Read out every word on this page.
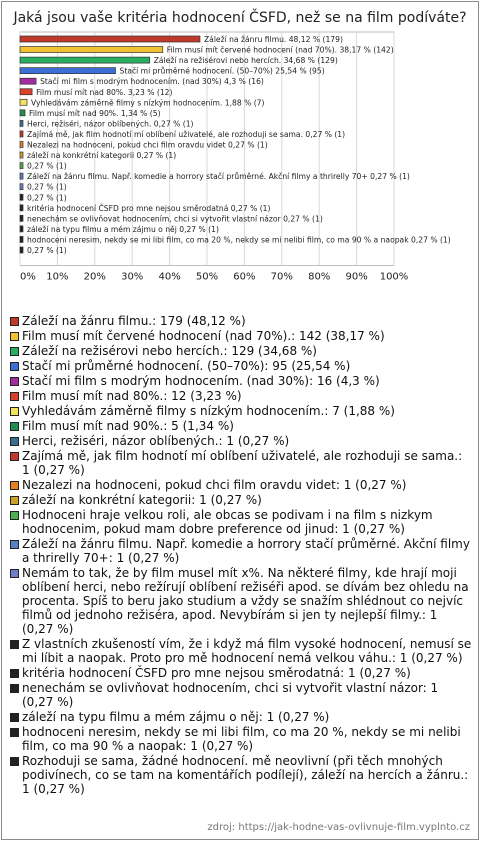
Jaká jsou vaše kritéria hodnocení ČSFD, než se na film podíváte?
0% 10% 20% 30% 40% 50% 60% 70% 80% 90% 100%
Záleží na žánru filmu. 48,12 % (179)
Film musí mít červené hodnocení (nad 70%). 38,17 % (142)
Záleží na režisérovi nebo hercích. 34,68 % (129)
Stačí mi průměrné hodnocení. (50–70%) 25,54 % (95)
Stačí mi film s modrým hodnocením. (nad 30%) 4,3 % (16)
Film musí mít nad 80%. 3,23 % (12)
Vyhledávám záměrně filmy s nízkým hodnocením. 1,88 % (7)
Film musí mít nad 90%. 1,34 % (5)
Herci, režiséri, názor oblíbených. 0,27 % (1)
Zajímá mě, jak film hodnotí mí oblíbení uživatelé, ale rozhoduji se sama. 0,27 % (1)
Nezalezi na hodnoceni, pokud chci film oravdu videt 0,27 % (1)
záleží na konkrétní kategorii 0,27 % (1)
0,27 % (1)
Záleží na žánru filmu. Např. komedie a horrory stačí průměrné. Akční filmy a thrirelly 70+ 0,27 % (1)
0,27 % (1)
0,27 % (1)
kritéria hodnocení ČSFD pro mne nejsou směrodatná 0,27 % (1)
nenechám se ovlivňovat hodnocením, chci si vytvořit vlastní názor 0,27 % (1)
záleží na typu filmu a mém zájmu o něj 0,27 % (1)
hodnoceni neresim, nekdy se mi libi film, co ma 20 %, nekdy se mi nelibi film, co ma 90 % a naopak 0,27 % (1)
0,27 % (1)
Záleží na žánru filmu.: 179 (48,12 %)
Film musí mít červené hodnocení (nad 70%).: 142 (38,17 %)
Záleží na režisérovi nebo hercích.: 129 (34,68 %)
Stačí mi průměrné hodnocení. (50–70%): 95 (25,54 %)
Stačí mi film s modrým hodnocením. (nad 30%): 16 (4,3 %)
Film musí mít nad 80%.: 12 (3,23 %)
Vyhledávám záměrně filmy s nízkým hodnocením.: 7 (1,88 %)
Film musí mít nad 90%.: 5 (1,34 %)
Herci, režiséri, názor oblíbených.: 1 (0,27 %)
Zajímá mě, jak film hodnotí mí oblíbení uživatelé, ale rozhoduji se sama.: 1 (0,27 %)
Nezalezi na hodnoceni, pokud chci film oravdu videt: 1 (0,27 %)
záleží na konkrétní kategorii: 1 (0,27 %)
Hodnoceni hraje velkou roli, ale obcas se podivam i na film s nizkym hodnocenim, pokud mam dobre preference od jinud: 1 (0,27 %)
Záleží na žánru filmu. Např. komedie a horrory stačí průměrné. Akční filmy a thrirelly 70+: 1 (0,27 %)
Nemám to tak, že by film musel mít x%. Na některé filmy, kde hrají moji oblíbení herci, nebo režírují oblíbení režiséři apod. se dívám bez ohledu na procenta. Spíš to beru jako studium a vždy se snažím shlédnout co nejvíc filmů od jednoho režiséra, apod. Nevybírám si jen ty nejlepší filmy.: 1 (0,27 %)
Z vlastních zkušeností vím, že i když má film vysoké hodnocení, nemusí se mi líbit a naopak. Proto pro mě hodnocení nemá velkou váhu.: 1 (0,27 %)
kritéria hodnocení ČSFD pro mne nejsou směrodatná: 1 (0,27 %)
nenechám se ovlivňovat hodnocením, chci si vytvořit vlastní názor: 1 (0,27 %)
záleží na typu filmu a mém zájmu o něj: 1 (0,27 %)
hodnoceni neresim, nekdy se mi libi film, co ma 20 %, nekdy se mi nelibi film, co ma 90 % a naopak: 1 (0,27 %)
Rozhoduji se sama, žádné hodnocení. mě neovlivní (při těch mnohých podivínech, co se tam na komentářích podílejí), záleží na hercích a žánru.: 1 (0,27 %)
zdroj: https://jak-hodne-vas-ovlivnuje-film.vyplnto.cz
